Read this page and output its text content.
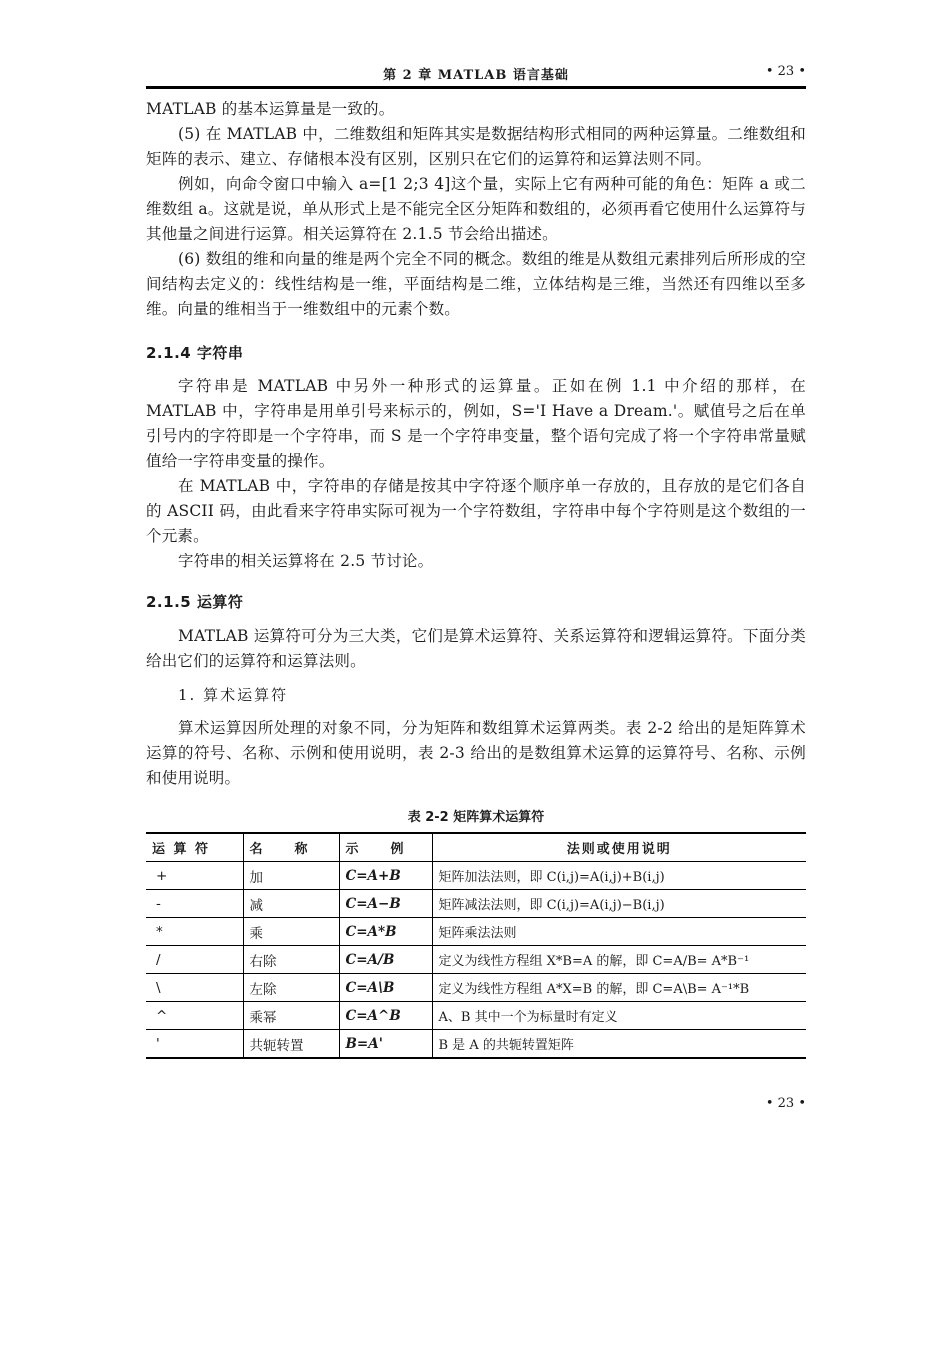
第 2 章 MATLAB 语言基础	• 23 •

MATLAB 的基本运算量是一致的。

(5) 在 MATLAB 中，二维数组和矩阵其实是数据结构形式相同的两种运算量。二维数组和矩阵的表示、建立、存储根本没有区别，区别只在它们的运算符和运算法则不同。

例如，向命令窗口中输入 a=[1 2;3 4]这个量，实际上它有两种可能的角色：矩阵 a 或二维数组 a。这就是说，单从形式上是不能完全区分矩阵和数组的，必须再看它使用什么运算符与其他量之间进行运算。相关运算符在 2.1.5 节会给出描述。

(6) 数组的维和向量的维是两个完全不同的概念。数组的维是从数组元素排列后所形成的空间结构去定义的：线性结构是一维，平面结构是二维，立体结构是三维，当然还有四维以至多维。向量的维相当于一维数组中的元素个数。

2.1.4 字符串

字符串是 MATLAB 中另外一种形式的运算量。正如在例 1.1 中介绍的那样，在 MATLAB 中，字符串是用单引号来标示的，例如，S='I Have a Dream.'。赋值号之后在单引号内的字符即是一个字符串，而 S 是一个字符串变量，整个语句完成了将一个字符串常量赋值给一字符串变量的操作。

在 MATLAB 中，字符串的存储是按其中字符逐个顺序单一存放的，且存放的是它们各自的 ASCII 码，由此看来字符串实际可视为一个字符数组，字符串中每个字符则是这个数组的一个元素。

字符串的相关运算将在 2.5 节讨论。

2.1.5 运算符

MATLAB 运算符可分为三大类，它们是算术运算符、关系运算符和逻辑运算符。下面分类给出它们的运算符和运算法则。

1. 算术运算符

算术运算因所处理的对象不同，分为矩阵和数组算术运算两类。表 2-2 给出的是矩阵算术运算的符号、名称、示例和使用说明，表 2-3 给出的是数组算术运算的运算符号、名称、示例和使用说明。

表 2-2 矩阵算术运算符
运 算 符	名　　称	示　　例	法则或使用说明
+	加	C=A+B	矩阵加法法则，即 C(i,j)=A(i,j)+B(i,j)
-	减	C=A−B	矩阵减法法则，即 C(i,j)=A(i,j)−B(i,j)
*	乘	C=A*B	矩阵乘法法则
/	右除	C=A/B	定义为线性方程组 X*B=A 的解，即 C=A/B= A*B⁻¹
\	左除	C=A\B	定义为线性方程组 A*X=B 的解，即 C=A\B= A⁻¹*B
^	乘幂	C=A^B	A、B 其中一个为标量时有定义
'	共轭转置	B=A'	B 是 A 的共轭转置矩阵
• 23 •
